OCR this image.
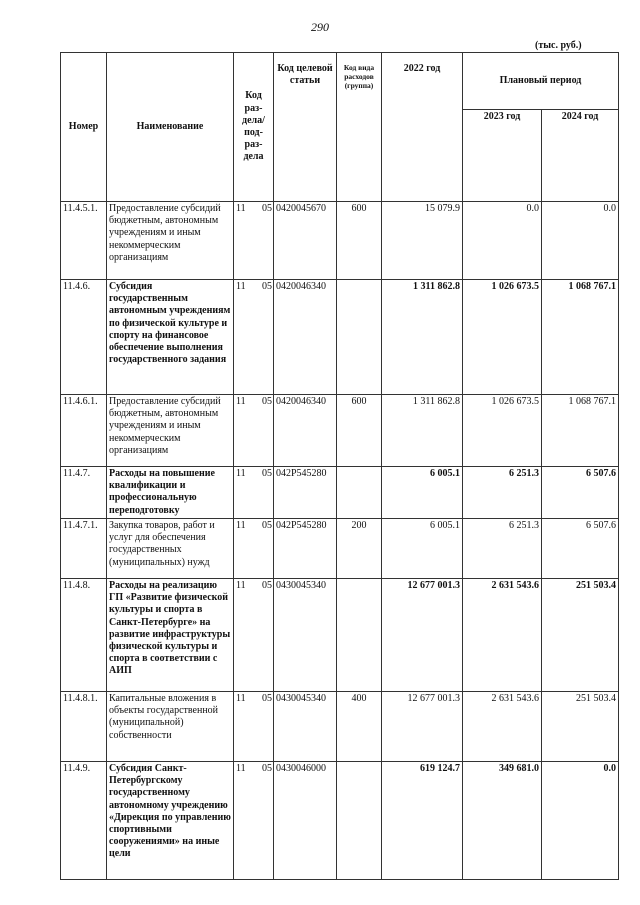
290
(тыс. руб.)
Номер	Наименование	Код раз-дела/ под-раз-дела	Код целевой статьи	Код вида расходов (группа)	2022 год	Плановый период	
						2023 год	2024 год
11.4.5.1.	Предоставление субсидий бюджетным, автономным учреждениям и иным некоммерческим организациям	11 05	0420045670	600	15 079.9	0.0	0.0
11.4.6.	Субсидия государственным автономным учреждениям по физической культуре и спорту на финансовое обеспечение выполнения государственного задания	11 05	0420046340		1 311 862.8	1 026 673.5	1 068 767.1
11.4.6.1.	Предоставление субсидий бюджетным, автономным учреждениям и иным некоммерческим организациям	11 05	0420046340	600	1 311 862.8	1 026 673.5	1 068 767.1
11.4.7.	Расходы на повышение квалификации и профессиональную переподготовку	11 05	042P545280		6 005.1	6 251.3	6 507.6
11.4.7.1.	Закупка товаров, работ и услуг для обеспечения государственных (муниципальных) нужд	11 05	042P545280	200	6 005.1	6 251.3	6 507.6
11.4.8.	Расходы на реализацию ГП «Развитие физической культуры и спорта в Санкт-Петербурге» на развитие инфраструктуры физической культуры и спорта в соответствии с АИП	11 05	0430045340		12 677 001.3	2 631 543.6	251 503.4
11.4.8.1.	Капитальные вложения в объекты государственной (муниципальной) собственности	11 05	0430045340	400	12 677 001.3	2 631 543.6	251 503.4
11.4.9.	Субсидия Санкт-Петербургскому государственному автономному учреждению «Дирекция по управлению спортивными сооружениями» на иные цели	11 05	0430046000		619 124.7	349 681.0	0.0
